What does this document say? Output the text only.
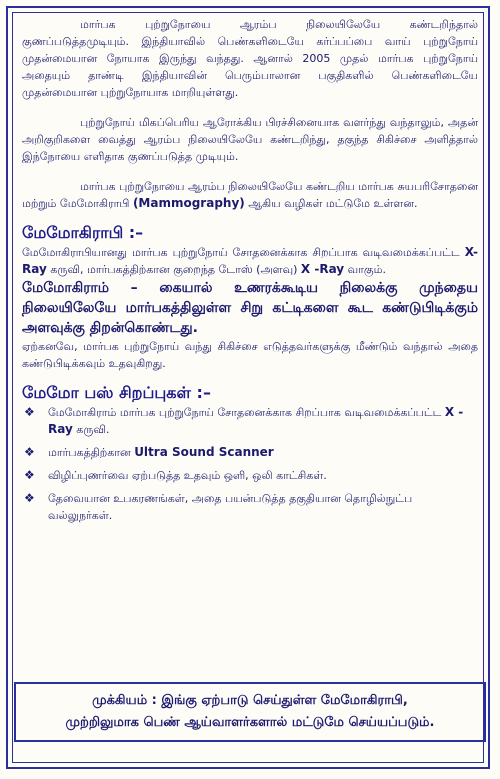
மார்பக புற்றுநோயை ஆரம்ப நிலையிலேயே கண்டறிந்தால் குணப்படுத்தமுடியும். இந்தியாவில் பெண்களிடையே கர்ப்பப்பை வாய் புற்றுநோய் முதன்மையான நோயாக இருந்து வந்தது. ஆனால் 2005 முதல் மார்பக புற்றுநோய் அதையும் தாண்டி இந்தியாவின் பெரும்பாலான பகுதிகளில் பெண்களிடையே முதன்மையான புற்றுநோயாக மாறியுள்ளது.

புற்றுநோய் மிகப்பெரிய ஆரோக்கிய பிரச்சினையாக வளர்ந்து வந்தாலும், அதன் அறிகுறிகளை வைத்து ஆரம்ப நிலையிலேயே கண்டறிந்து, தகுந்த சிகிச்சை அளித்தால் இந்நோயை எளிதாக குணப்படுத்த முடியும்.

மார்பக புற்றுநோயை ஆரம்ப நிலையிலேயே கண்டறிய மார்பக சுயபரிசோதனை மற்றும் மேமோகிராபி (Mammography) ஆகிய வழிகள் மட்டுமே உள்ளன.

மேமோகிராபி :–

மேமோகிராபியானது மார்பக புற்றுநோய் சோதனைக்காக சிறப்பாக வடிவமைக்கப்பட்ட X-Ray கருவி, மார்பகத்திற்கான குறைந்த டோஸ் (அளவு) X -Ray வாகும்.

மேமோகிராம் – கையால் உணரக்கூடிய நிலைக்கு முந்தைய நிலையிலேயே மார்பகத்திலுள்ள சிறு கட்டிகளை கூட கண்டுபிடிக்கும் அளவுக்கு திறன்கொண்டது.

ஏற்கனவே, மார்பக புற்றுநோய் வந்து சிகிச்சை எடுத்தவர்களுக்கு மீண்டும் வந்தால் அதை கண்டுபிடிக்கவும் உதவுகிறது.

மேமோ பஸ் சிறப்புகள் :–
❖ மேமோகிராம் மார்பக புற்றுநோய் சோதனைக்காக சிறப்பாக வடிவமைக்கப்பட்ட X -Ray கருவி.
❖ மார்பகத்திற்கான Ultra Sound Scanner
❖ விழிப்புணர்வை ஏற்படுத்த உதவும் ஒளி, ஒலி காட்சிகள்.
❖ தேவையான உபகரணங்கள், அதை பயன்படுத்த தகுதியான தொழில்நுட்ப வல்லுநர்கள்.
முக்கியம் : இங்கு ஏற்பாடு செய்துள்ள மேமோகிராபி,
முற்றிலுமாக பெண் ஆய்வாளர்களால் மட்டுமே செய்யப்படும்.
